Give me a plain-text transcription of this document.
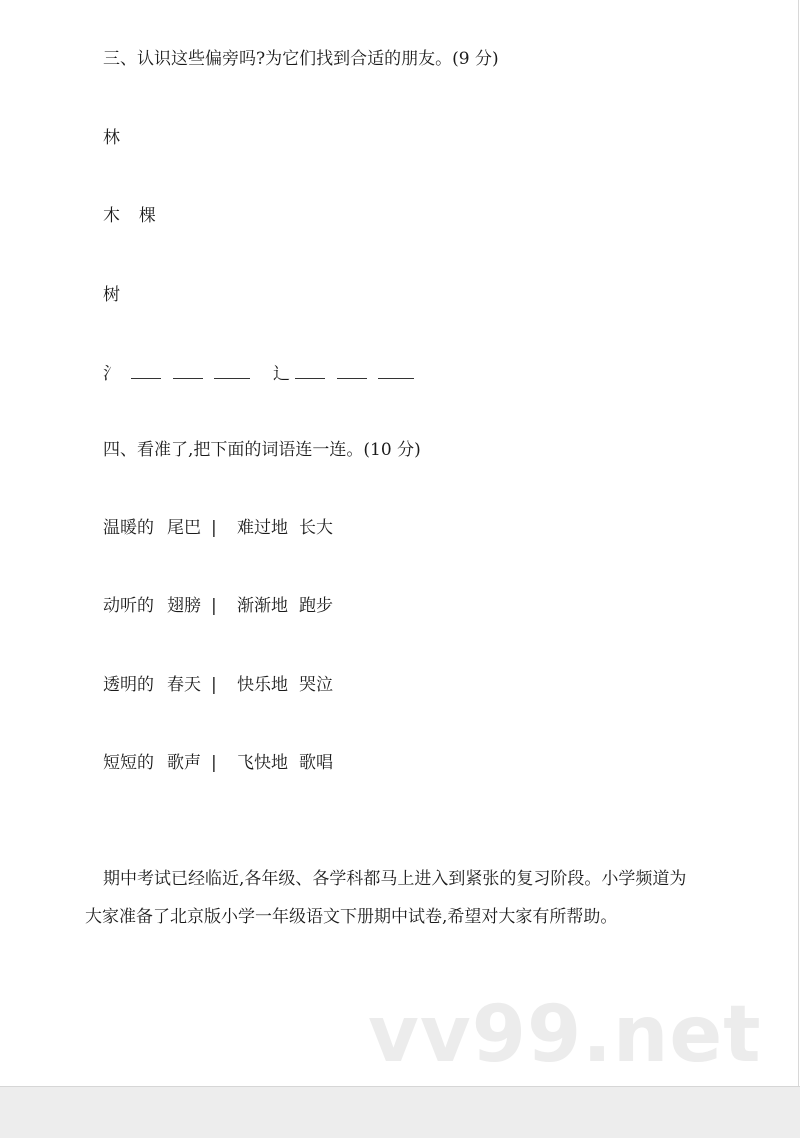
三、认识这些偏旁吗?为它们找到合适的朋友。(9 分)
林
木 棵
树
氵	辶
四、看准了,把下面的词语连一连。(10 分)
温暖的 尾巴 | 难过地 长大
动听的 翅膀 | 渐渐地 跑步
透明的 春天 | 快乐地 哭泣
短短的 歌声 | 飞快地 歌唱
期中考试已经临近,各年级、各学科都马上进入到紧张的复习阶段。小学频道为大家准备了北京版小学一年级语文下册期中试卷,希望对大家有所帮助。
vv99.net
